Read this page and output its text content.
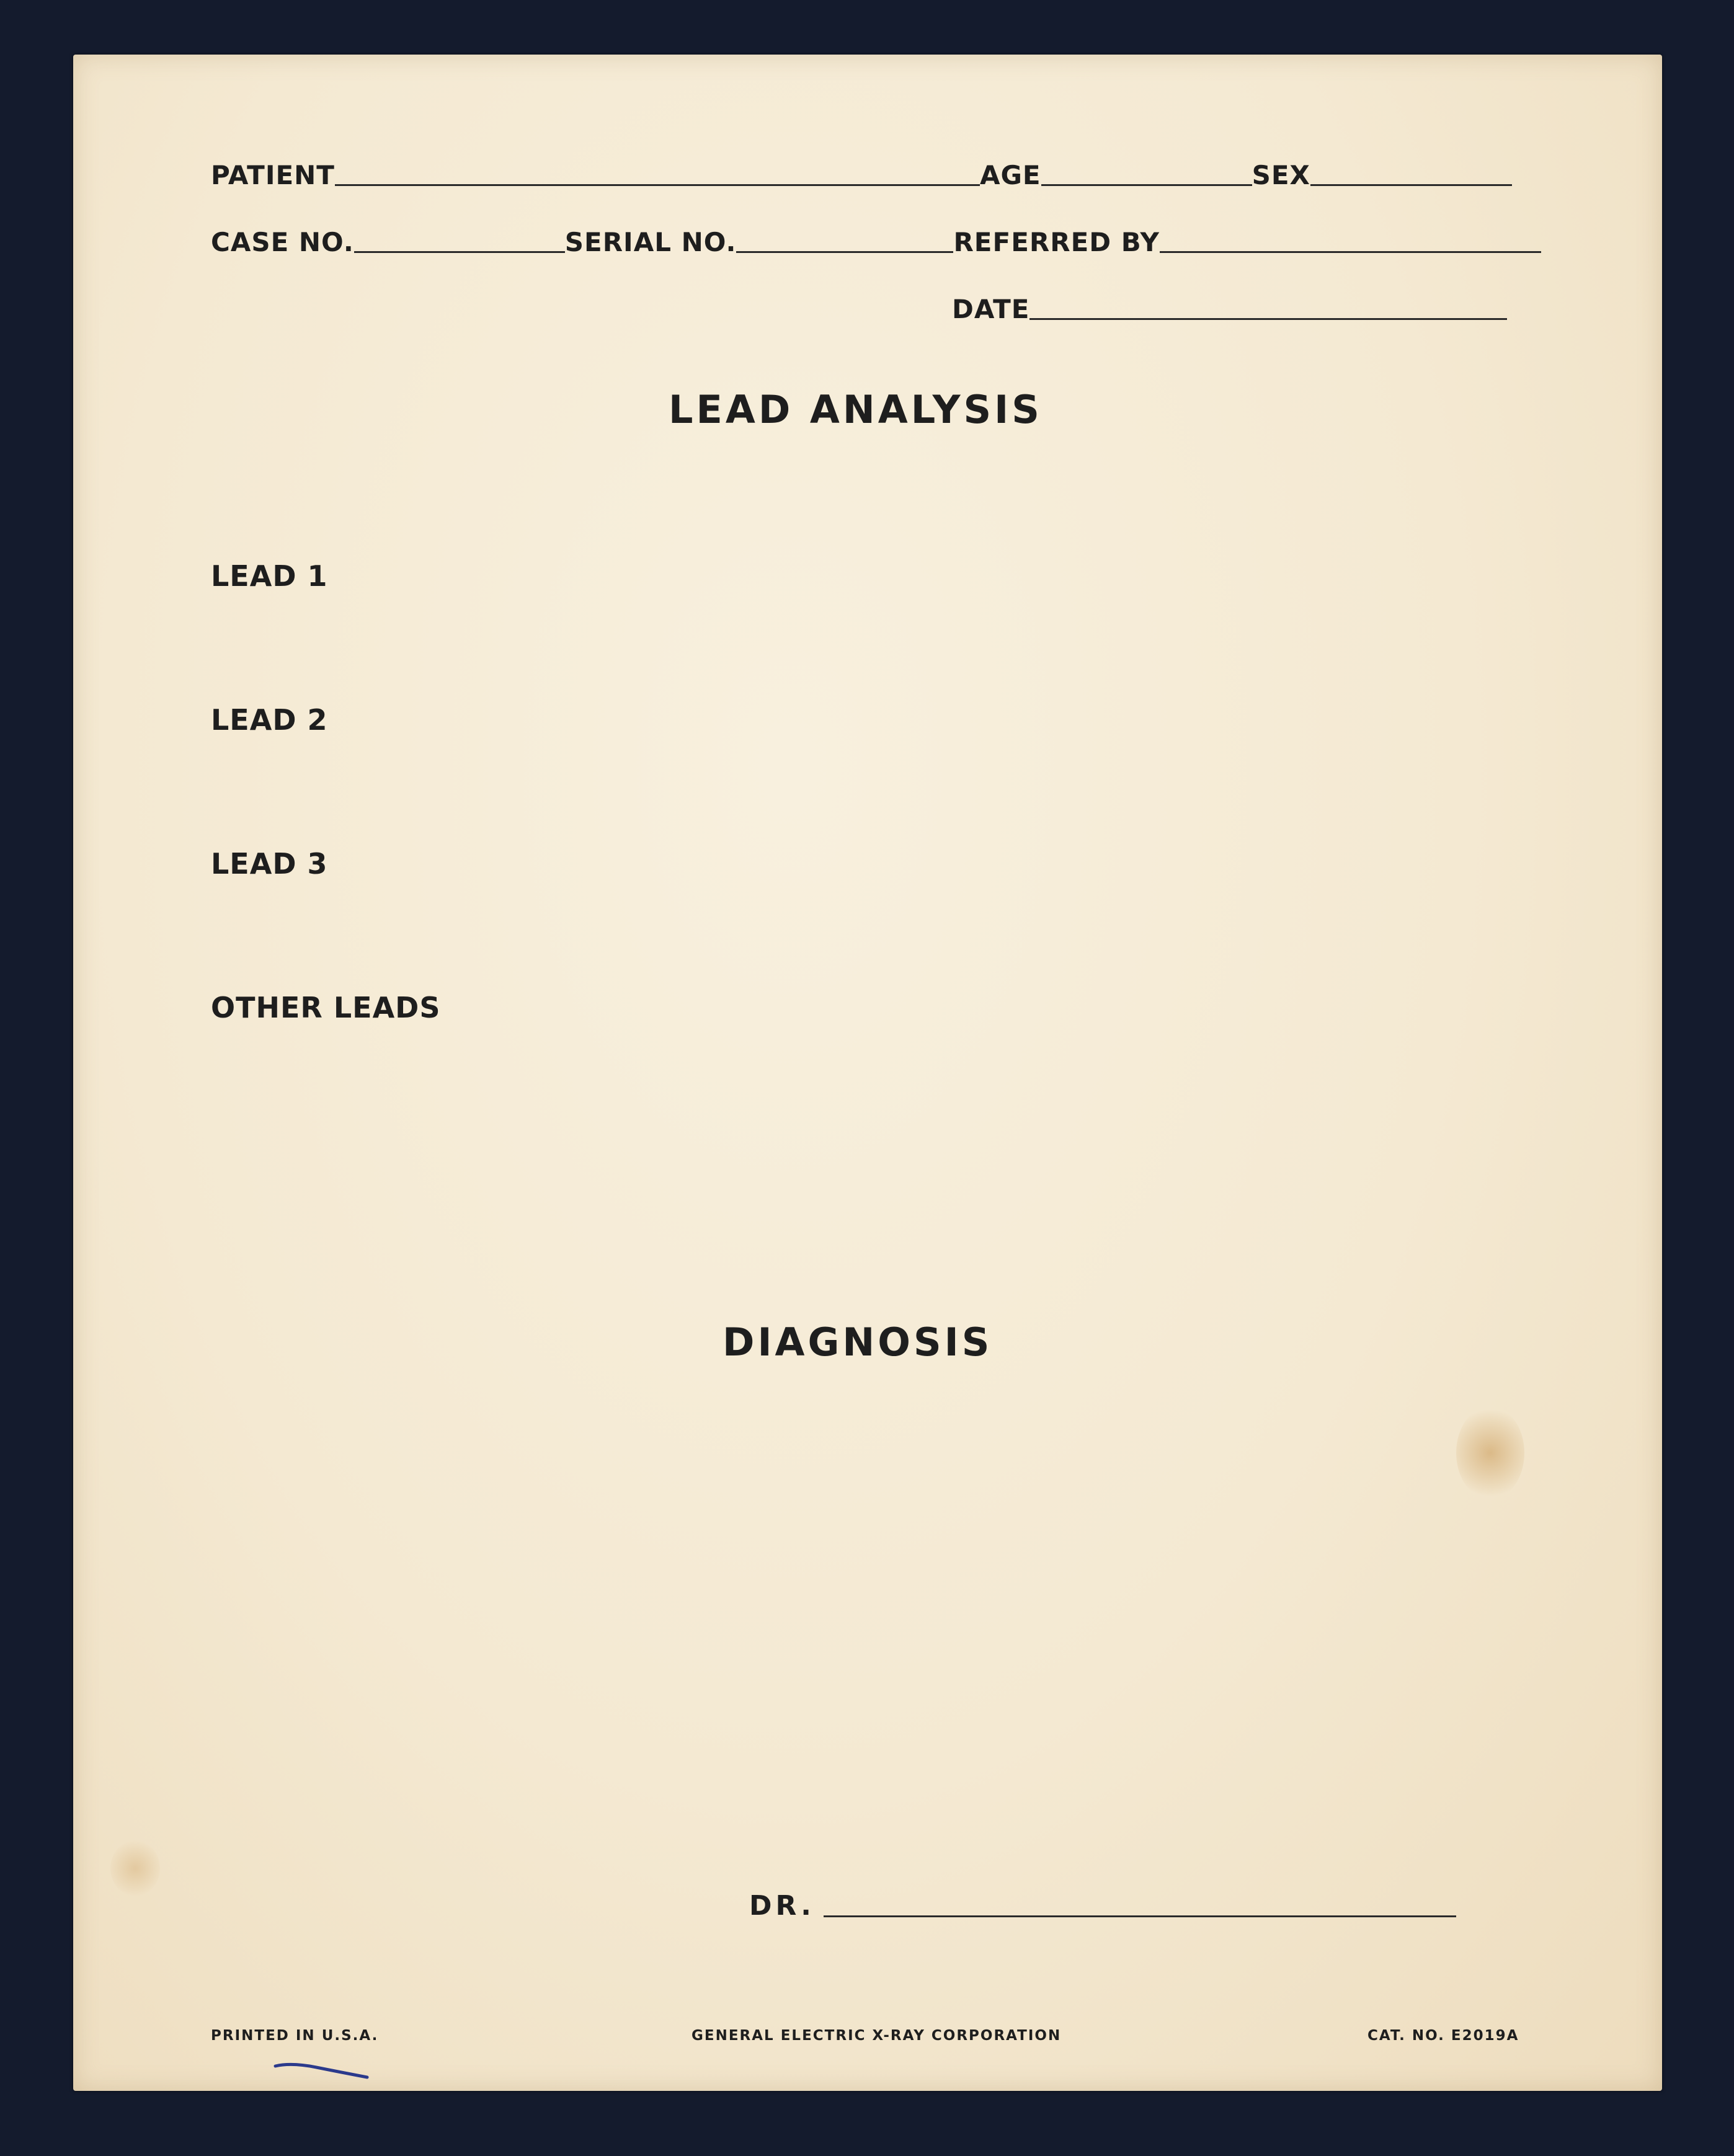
PATIENT	AGE	SEX
CASE NO.	SERIAL NO.	REFERRED BY
DATE
LEAD ANALYSIS
LEAD 1
LEAD 2
LEAD 3
OTHER LEADS
DIAGNOSIS
DR.
PRINTED IN U.S.A.	GENERAL ELECTRIC X-RAY CORPORATION	CAT. NO. E2019A
